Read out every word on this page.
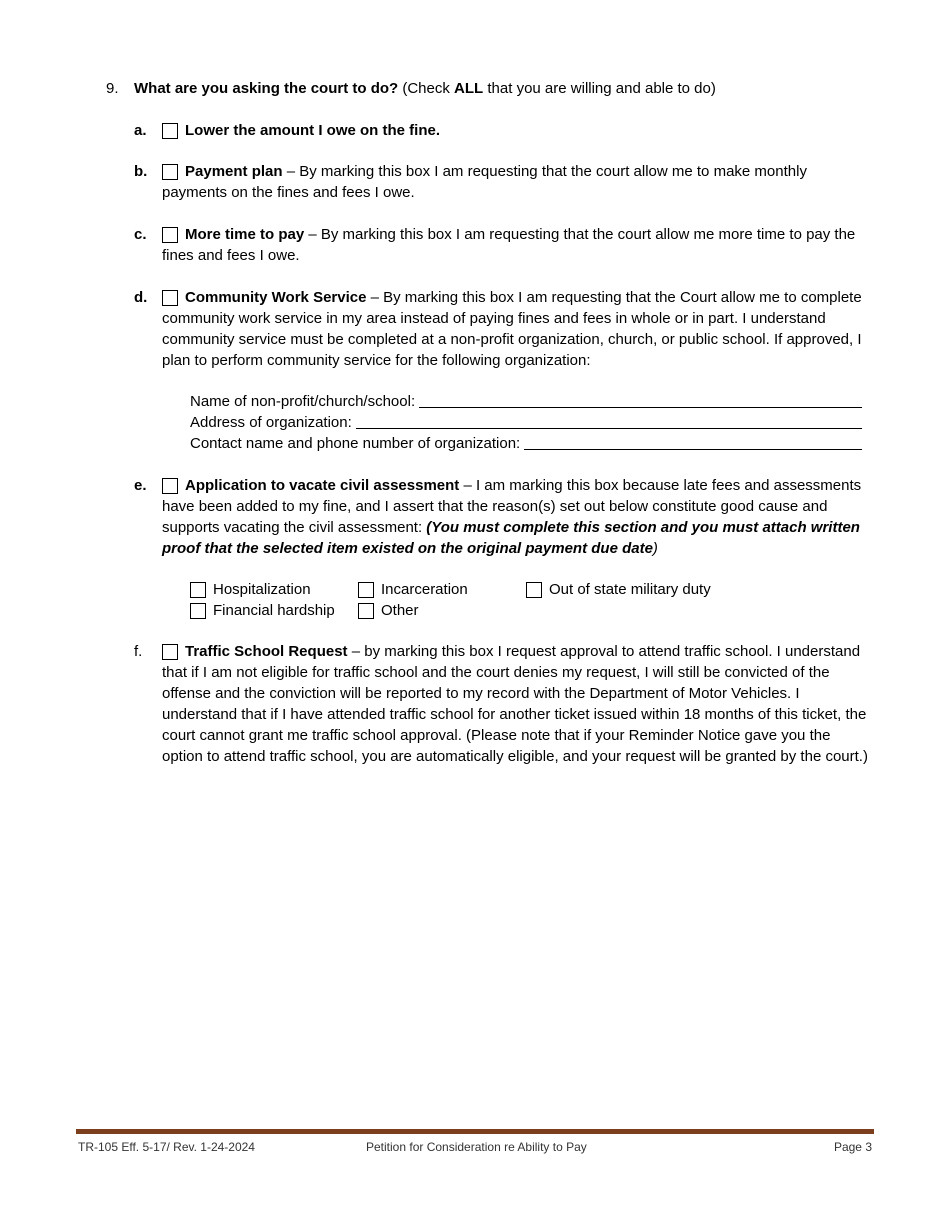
9. What are you asking the court to do? (Check ALL that you are willing and able to do)
a.	Lower the amount I owe on the fine.
b.	Payment plan – By marking this box I am requesting that the court allow me to make monthly payments on the fines and fees I owe.
c.	More time to pay – By marking this box I am requesting that the court allow me more time to pay the fines and fees I owe.
d.	Community Work Service – By marking this box I am requesting that the Court allow me to complete community work service in my area instead of paying fines and fees in whole or in part. I understand community service must be completed at a non-profit organization, church, or public school. If approved, I plan to perform community service for the following organization:
Name of non-profit/church/school:
Address of organization:
Contact name and phone number of organization:
e.	Application to vacate civil assessment – I am marking this box because late fees and assessments have been added to my fine, and I assert that the reason(s) set out below constitute good cause and supports vacating the civil assessment: (You must complete this section and you must attach written proof that the selected item existed on the original payment due date)
Hospitalization	Incarceration	Out of state military duty
Financial hardship	Other
f.	Traffic School Request – by marking this box I request approval to attend traffic school. I understand that if I am not eligible for traffic school and the court denies my request, I will still be convicted of the offense and the conviction will be reported to my record with the Department of Motor Vehicles. I understand that if I have attended traffic school for another ticket issued within 18 months of this ticket, the court cannot grant me traffic school approval. (Please note that if your Reminder Notice gave you the option to attend traffic school, you are automatically eligible, and your request will be granted by the court.)
TR-105 Eff. 5-17/ Rev. 1-24-2024	Petition for Consideration re Ability to Pay	Page 3
